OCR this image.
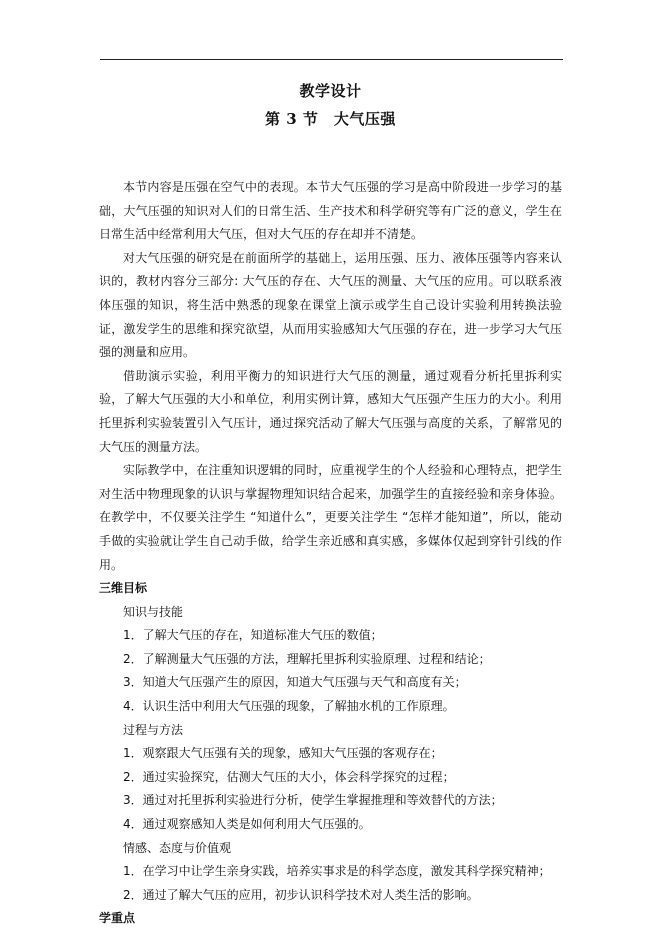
教学设计
第 3 节　大气压强

本节内容是压强在空气中的表现。本节大气压强的学习是高中阶段进一步学习的基础，大气压强的知识对人们的日常生活、生产技术和科学研究等有广泛的意义，学生在日常生活中经常利用大气压，但对大气压的存在却并不清楚。

对大气压强的研究是在前面所学的基础上，运用压强、压力、液体压强等内容来认识的，教材内容分三部分: 大气压的存在、大气压的测量、大气压的应用。可以联系液体压强的知识，将生活中熟悉的现象在课堂上演示或学生自己设计实验利用转换法验证，激发学生的思维和探究欲望，从而用实验感知大气压强的存在，进一步学习大气压强的测量和应用。

借助演示实验，利用平衡力的知识进行大气压的测量，通过观看分析托里拆利实验，了解大气压强的大小和单位，利用实例计算，感知大气压强产生压力的大小。利用托里拆利实验装置引入气压计，通过探究活动了解大气压强与高度的关系，了解常见的大气压的测量方法。

实际教学中，在注重知识逻辑的同时，应重视学生的个人经验和心理特点，把学生对生活中物理现象的认识与掌握物理知识结合起来，加强学生的直接经验和亲身体验。在教学中，不仅要关注学生 “知道什么”，更要关注学生 “怎样才能知道”，所以，能动手做的实验就让学生自己动手做，给学生亲近感和真实感，多媒体仅起到穿针引线的作用。

三维目标

知识与技能

1．了解大气压的存在，知道标准大气压的数值；

2．了解测量大气压强的方法，理解托里拆利实验原理、过程和结论；

3．知道大气压强产生的原因，知道大气压强与天气和高度有关；

4．认识生活中利用大气压强的现象，了解抽水机的工作原理。

过程与方法

1．观察跟大气压强有关的现象，感知大气压强的客观存在；

2．通过实验探究，估测大气压的大小，体会科学探究的过程；

3．通过对托里拆利实验进行分析，使学生掌握推理和等效替代的方法；

4．通过观察感知人类是如何利用大气压强的。

情感、态度与价值观

1．在学习中让学生亲身实践，培养实事求是的科学态度，激发其科学探究精神；

2．通过了解大气压的应用，初步认识科学技术对人类生活的影响。

学重点
